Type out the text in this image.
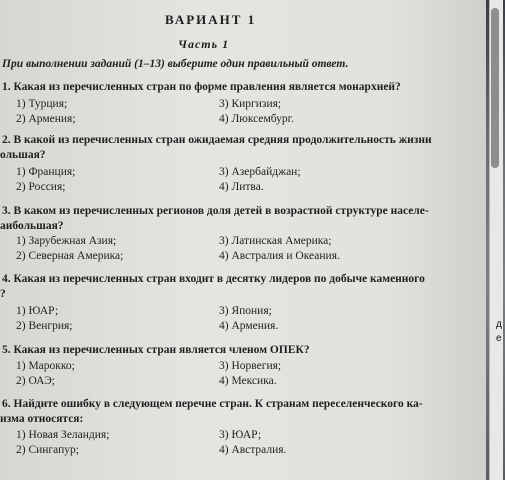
ВАРИАНТ 1
Часть 1
При выполнении заданий (1–13) выберите один правильный ответ.
1. Какая из перечисленных стран по форме правления является монархией?
1) Турция;	3) Киргизия;
2) Армения;	4) Люксембург.
2. В какой из перечисленных стран ожидаемая средняя продолжительность жизни
ольшая?
1) Франция;	3) Азербайджан;
2) Россия;	4) Литва.
3. В каком из перечисленных регионов доля детей в возрастной структуре населе-
аибольшая?
1) Зарубежная Азия;	3) Латинская Америка;
2) Северная Америка;	4) Австралия и Океания.
4. Какая из перечисленных стран входит в десятку лидеров по добыче каменного
?
1) ЮАР;	3) Япония;
2) Венгрия;	4) Армения.
5. Какая из перечисленных стран является членом ОПЕК?
1) Марокко;	3) Норвегия;
2) ОАЭ;	4) Мексика.
6. Найдите ошибку в следующем перечне стран. К странам переселенческого ка-
изма относятся:
1) Новая Зеландия;	3) ЮАР;
2) Сингапур;	4) Австралия.
д
е
